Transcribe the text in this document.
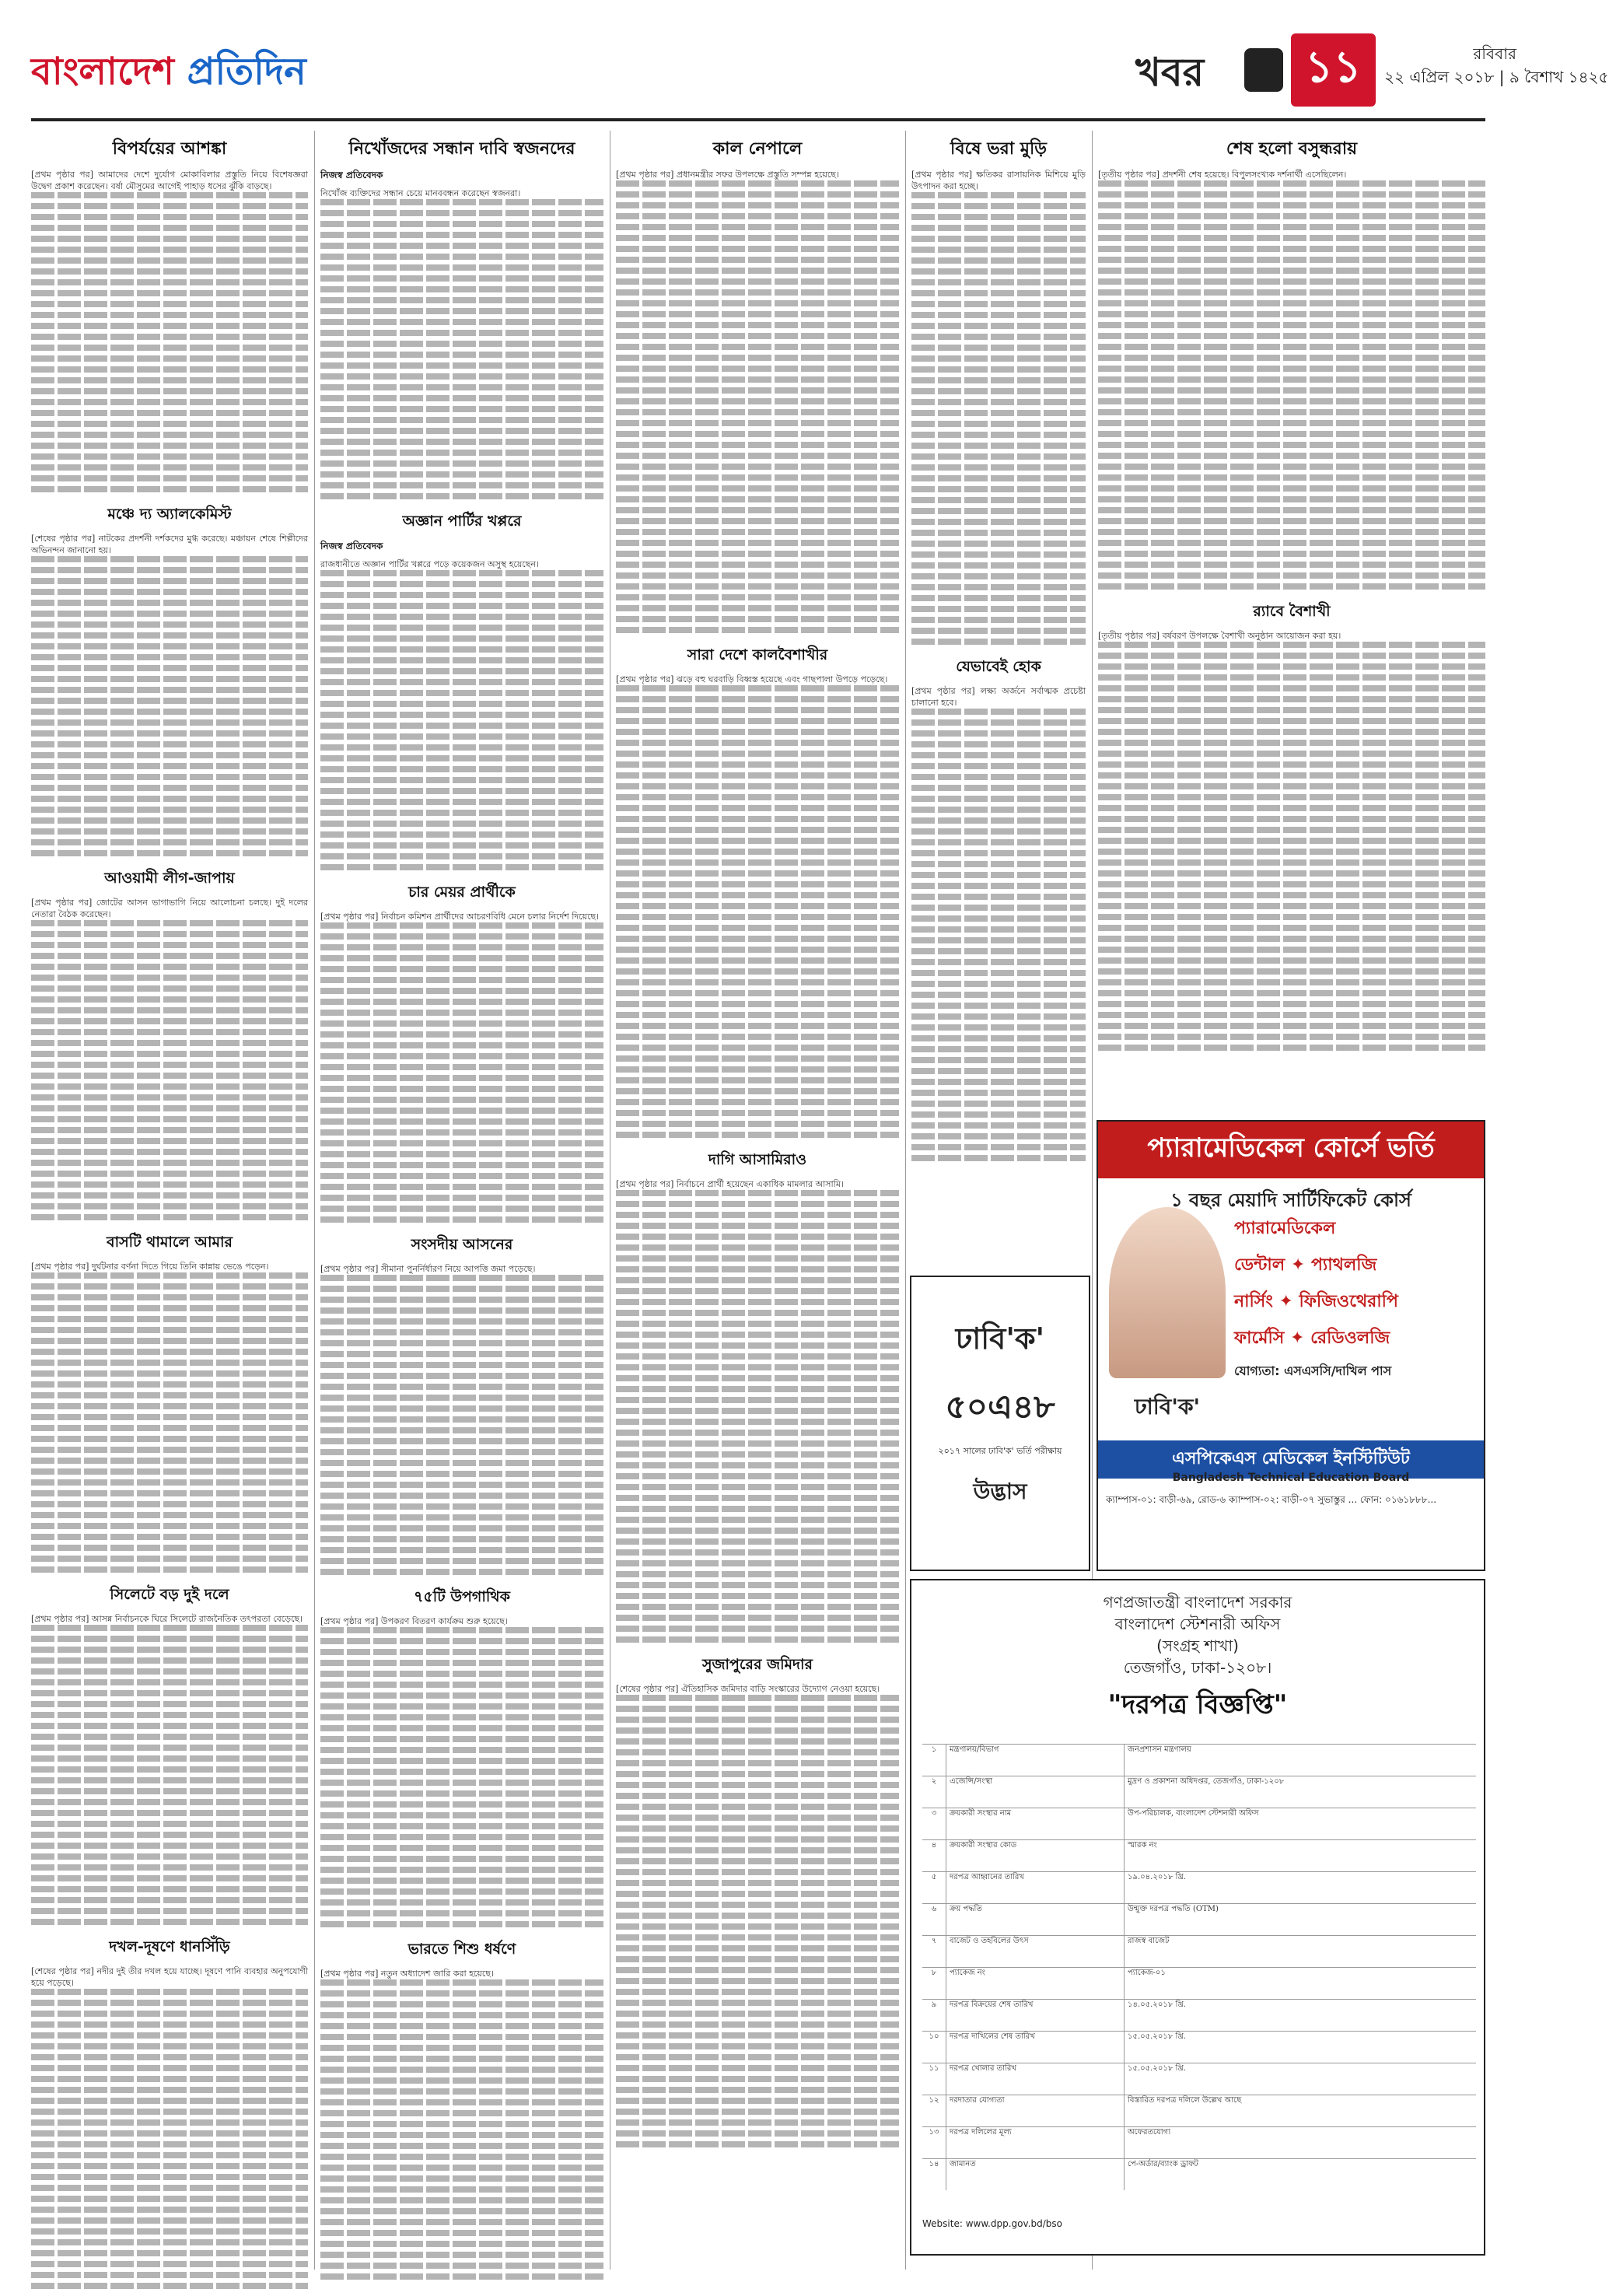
বাংলাদেশ প্রতিদিন	খবর	১১	রবিবার
২২ এপ্রিল ২০১৮ | ৯ বৈশাখ ১৪২৫
বিপর্যয়ের আশঙ্কা

[প্রথম পৃষ্ঠার পর] আমাদের দেশে দুর্যোগ মোকাবিলার প্রস্তুতি নিয়ে বিশেষজ্ঞরা উদ্বেগ প্রকাশ করেছেন। বর্ষা মৌসুমের আগেই পাহাড় ধসের ঝুঁকি বাড়ছে।

মঞ্চে দ্য অ্যালকেমিস্ট

[শেষের পৃষ্ঠার পর] নাটকের প্রদর্শনী দর্শকদের মুগ্ধ করেছে। মঞ্চায়ন শেষে শিল্পীদের অভিনন্দন জানানো হয়।

আওয়ামী লীগ-জাপায়

[প্রথম পৃষ্ঠার পর] জোটের আসন ভাগাভাগি নিয়ে আলোচনা চলছে। দুই দলের নেতারা বৈঠক করেছেন।

বাসটি থামালে আমার

[প্রথম পৃষ্ঠার পর] দুর্ঘটনার বর্ণনা দিতে গিয়ে তিনি কান্নায় ভেঙে পড়েন।

সিলেটে বড় দুই দলে

[প্রথম পৃষ্ঠার পর] আসন্ন নির্বাচনকে ঘিরে সিলেটে রাজনৈতিক তৎপরতা বেড়েছে।

দখল-দূষণে ধানসিঁড়ি

[শেষের পৃষ্ঠার পর] নদীর দুই তীর দখল হয়ে যাচ্ছে। দূষণে পানি ব্যবহার অনুপযোগী হয়ে পড়েছে।

নিখোঁজদের সন্ধান দাবি স্বজনদের
নিজস্ব প্রতিবেদক

নিখোঁজ ব্যক্তিদের সন্ধান চেয়ে মানববন্ধন করেছেন স্বজনরা।

অজ্ঞান পার্টির খপ্পরে
নিজস্ব প্রতিবেদক

রাজধানীতে অজ্ঞান পার্টির খপ্পরে পড়ে কয়েকজন অসুস্থ হয়েছেন।

চার মেয়র প্রার্থীকে

[প্রথম পৃষ্ঠার পর] নির্বাচন কমিশন প্রার্থীদের আচরণবিধি মেনে চলার নির্দেশ দিয়েছে।

সংসদীয় আসনের

[প্রথম পৃষ্ঠার পর] সীমানা পুনর্নির্ধারণ নিয়ে আপত্তি জমা পড়েছে।

৭৫টি উপগাথিক

[প্রথম পৃষ্ঠার পর] উপকরণ বিতরণ কার্যক্রম শুরু হয়েছে।

ভারতে শিশু ধর্ষণে

[প্রথম পৃষ্ঠার পর] নতুন অধ্যাদেশ জারি করা হয়েছে।

কাল নেপালে

[প্রথম পৃষ্ঠার পর] প্রধানমন্ত্রীর সফর উপলক্ষে প্রস্তুতি সম্পন্ন হয়েছে।

সারা দেশে কালবৈশাখীর

[প্রথম পৃষ্ঠার পর] ঝড়ে বহু ঘরবাড়ি বিধ্বস্ত হয়েছে এবং গাছপালা উপড়ে পড়েছে।

দাগি আসামিরাও

[প্রথম পৃষ্ঠার পর] নির্বাচনে প্রার্থী হয়েছেন একাধিক মামলার আসামি।

সুজাপুরের জমিদার

[শেষের পৃষ্ঠার পর] ঐতিহাসিক জমিদার বাড়ি সংস্কারের উদ্যোগ নেওয়া হয়েছে।

বিষে ভরা মুড়ি

[প্রথম পৃষ্ঠার পর] ক্ষতিকর রাসায়নিক মিশিয়ে মুড়ি উৎপাদন করা হচ্ছে।

যেভাবেই হোক

[প্রথম পৃষ্ঠার পর] লক্ষ্য অর্জনে সর্বাত্মক প্রচেষ্টা চালানো হবে।

শেষ হলো বসুন্ধরায়

[তৃতীয় পৃষ্ঠার পর] প্রদর্শনী শেষ হয়েছে। বিপুলসংখ্যক দর্শনার্থী এসেছিলেন।

র‌্যাবে বৈশাখী

[তৃতীয় পৃষ্ঠার পর] বর্ষবরণ উপলক্ষে বৈশাখী অনুষ্ঠান আয়োজন করা হয়।

ঢাবি'ক'
৫০এ৪৮
২০১৭ সালের ঢাবি'ক' ভর্তি পরীক্ষায়
উদ্ভাস
প্যারামেডিকেল কোর্সে ভর্তি
১ বছর মেয়াদি সার্টিফিকেট কোর্স
প্যারামেডিকেল
ডেন্টাল ✦ প্যাথলজি
নার্সিং ✦ ফিজিওথেরাপি
ফার্মেসি ✦ রেডিওলজি
যোগ্যতা: এসএসসি/দাখিল পাস
ঢাবি'ক'
এসপিকেএস মেডিকেল ইনস্টিটিউট
Bangladesh Technical Education Board
ক্যাম্পাস-০১: বাড়ী-৬৯, রোড-৬ ক্যাম্পাস-০২: বাড়ী-০৭ সুভাস্তুর ... ফোন: ০১৬১৮৮৮...
গণপ্রজাতন্ত্রী বাংলাদেশ সরকার
বাংলাদেশ স্টেশনারী অফিস
(সংগ্রহ শাখা)
তেজগাঁও, ঢাকা-১২০৮।
"দরপত্র বিজ্ঞপ্তি"
১	মন্ত্রণালয়/বিভাগ	জনপ্রশাসন মন্ত্রণালয়
২	এজেন্সি/সংস্থা	মুদ্রণ ও প্রকাশনা অধিদপ্তর, তেজগাঁও, ঢাকা-১২০৮
৩	ক্রয়কারী সংস্থার নাম	উপ-পরিচালক, বাংলাদেশ স্টেশনারী অফিস
৪	ক্রয়কারী সংস্থার কোড	স্মারক নং
৫	দরপত্র আহ্বানের তারিখ	১৯.০৪.২০১৮ খ্রি.
৬	ক্রয় পদ্ধতি	উন্মুক্ত দরপত্র পদ্ধতি (OTM)
৭	বাজেট ও তহবিলের উৎস	রাজস্ব বাজেট
৮	প্যাকেজ নং	প্যাকেজ-০১
৯	দরপত্র বিক্রয়ের শেষ তারিখ	১৪.০৫.২০১৮ খ্রি.
১০	দরপত্র দাখিলের শেষ তারিখ	১৫.০৫.২০১৮ খ্রি.
১১	দরপত্র খোলার তারিখ	১৫.০৫.২০১৮ খ্রি.
১২	দরদাতার যোগ্যতা	বিস্তারিত দরপত্র দলিলে উল্লেখ আছে
১৩	দরপত্র দলিলের মূল্য	অফেরতযোগ্য
১৪	জামানত	পে-অর্ডার/ব্যাংক ড্রাফট
Website: www.dpp.gov.bd/bso
